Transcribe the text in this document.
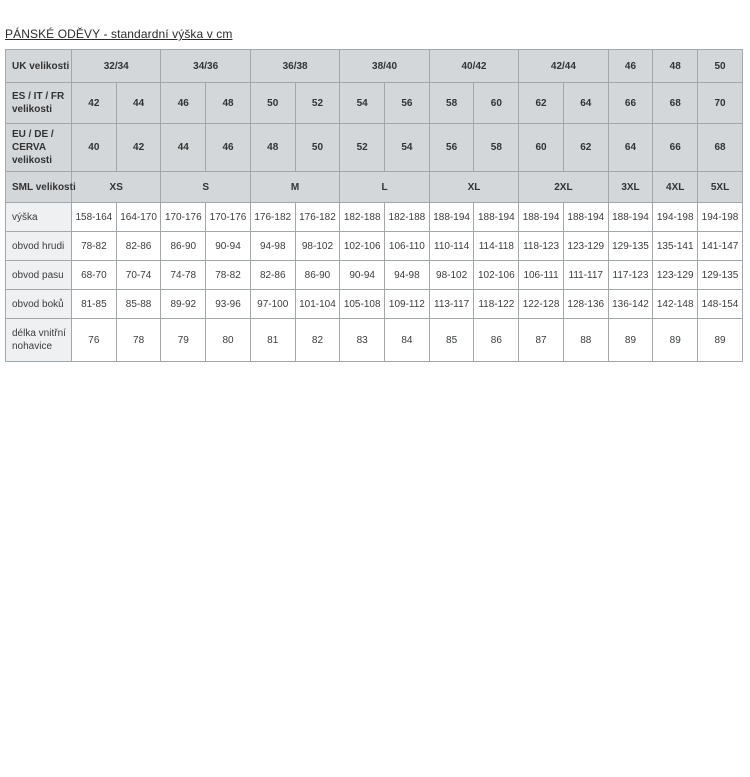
PÁNSKÉ ODĚVY - standardní výška v cm
UK velikosti	32/34		34/36		36/38		38/40		40/42		42/44		46	48	50
ES / IT / FR
velikosti	42	44	46	48	50	52	54	56	58	60	62	64	66	68	70
EU / DE /
CERVA
velikosti	40	42	44	46	48	50	52	54	56	58	60	62	64	66	68
SML velikosti	XS		S		M		L		XL		2XL		3XL	4XL	5XL
výška	158-164	164-170	170-176	170-176	176-182	176-182	182-188	182-188	188-194	188-194	188-194	188-194	188-194	194-198	194-198
obvod hrudi	78-82	82-86	86-90	90-94	94-98	98-102	102-106	106-110	110-114	114-118	118-123	123-129	129-135	135-141	141-147
obvod pasu	68-70	70-74	74-78	78-82	82-86	86-90	90-94	94-98	98-102	102-106	106-111	111-117	117-123	123-129	129-135
obvod boků	81-85	85-88	89-92	93-96	97-100	101-104	105-108	109-112	113-117	118-122	122-128	128-136	136-142	142-148	148-154
délka vnitřní
nohavice	76	78	79	80	81	82	83	84	85	86	87	88	89	89	89
